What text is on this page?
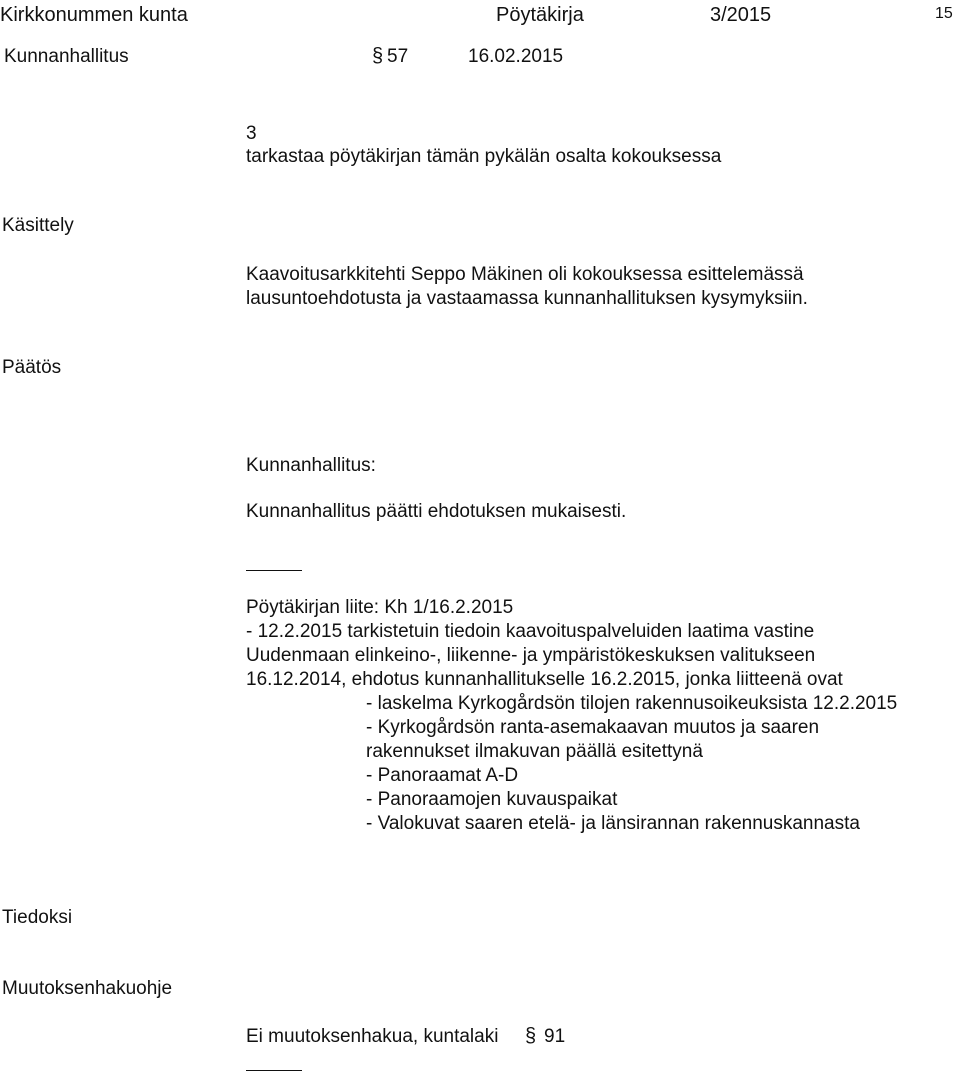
Kirkkonummen kunta	Pöytäkirja	3/2015	15
Kunnanhallitus	§ 57	16.02.2015
3
tarkastaa pöytäkirjan tämän pykälän osalta kokouksessa
Käsittely
Kaavoitusarkkitehti Seppo Mäkinen oli kokouksessa esittelemässä
lausuntoehdotusta ja vastaamassa kunnanhallituksen kysymyksiin.
Päätös
Kunnanhallitus:
Kunnanhallitus päätti ehdotuksen mukaisesti.
Pöytäkirjan liite: Kh 1/16.2.2015
- 12.2.2015 tarkistetuin tiedoin kaavoituspalveluiden laatima vastine
Uudenmaan elinkeino-, liikenne- ja ympäristökeskuksen valitukseen
16.12.2014, ehdotus kunnanhallitukselle 16.2.2015, jonka liitteenä ovat
- laskelma Kyrkogårdsön tilojen rakennusoikeuksista 12.2.2015
- Kyrkogårdsön ranta-asemakaavan muutos ja saaren
rakennukset ilmakuvan päällä esitettynä
- Panoraamat A-D
- Panoraamojen kuvauspaikat
- Valokuvat saaren etelä- ja länsirannan rakennuskannasta
Tiedoksi
Muutoksenhakuohje
Ei muutoksenhakua, kuntalaki § 91
